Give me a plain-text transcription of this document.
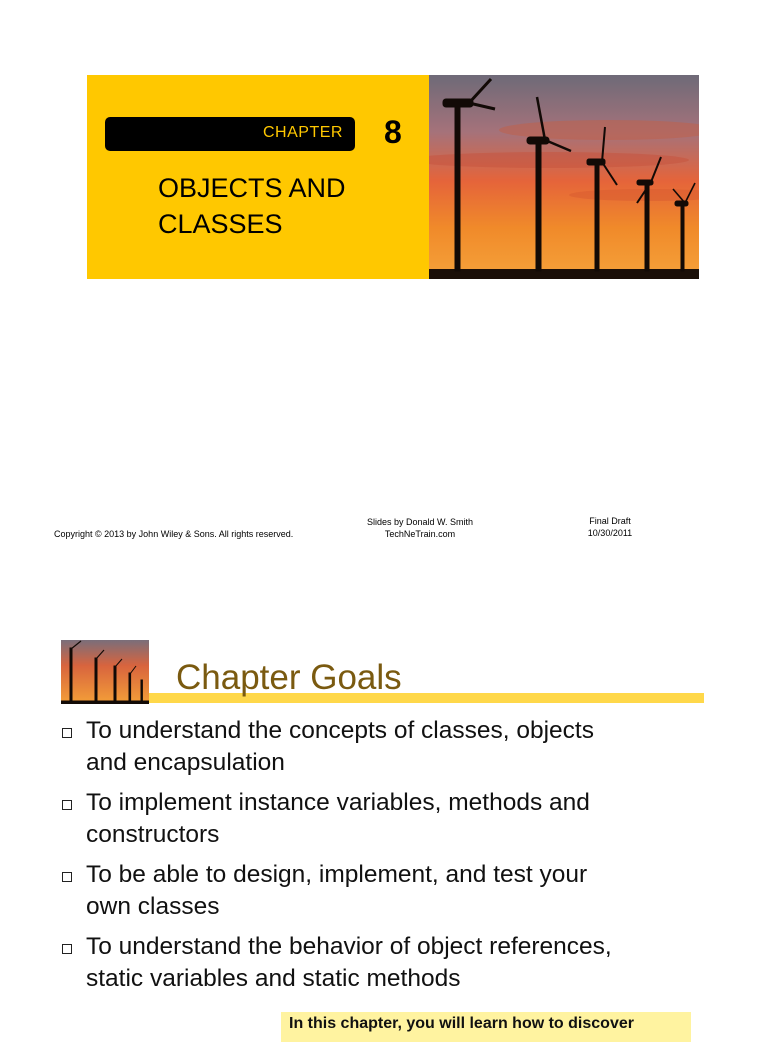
CHAPTER 8
OBJECTS AND
CLASSES
Copyright © 2013 by John Wiley & Sons. All rights reserved.
Slides by Donald W. Smith
TechNeTrain.com
Final Draft
10/30/2011
Chapter Goals
To understand the concepts of classes, objects
and encapsulation
To implement instance variables, methods and
constructors
To be able to design, implement, and test your
own classes
To understand the behavior of object references,
static variables and static methods
In this chapter, you will learn how to discover
